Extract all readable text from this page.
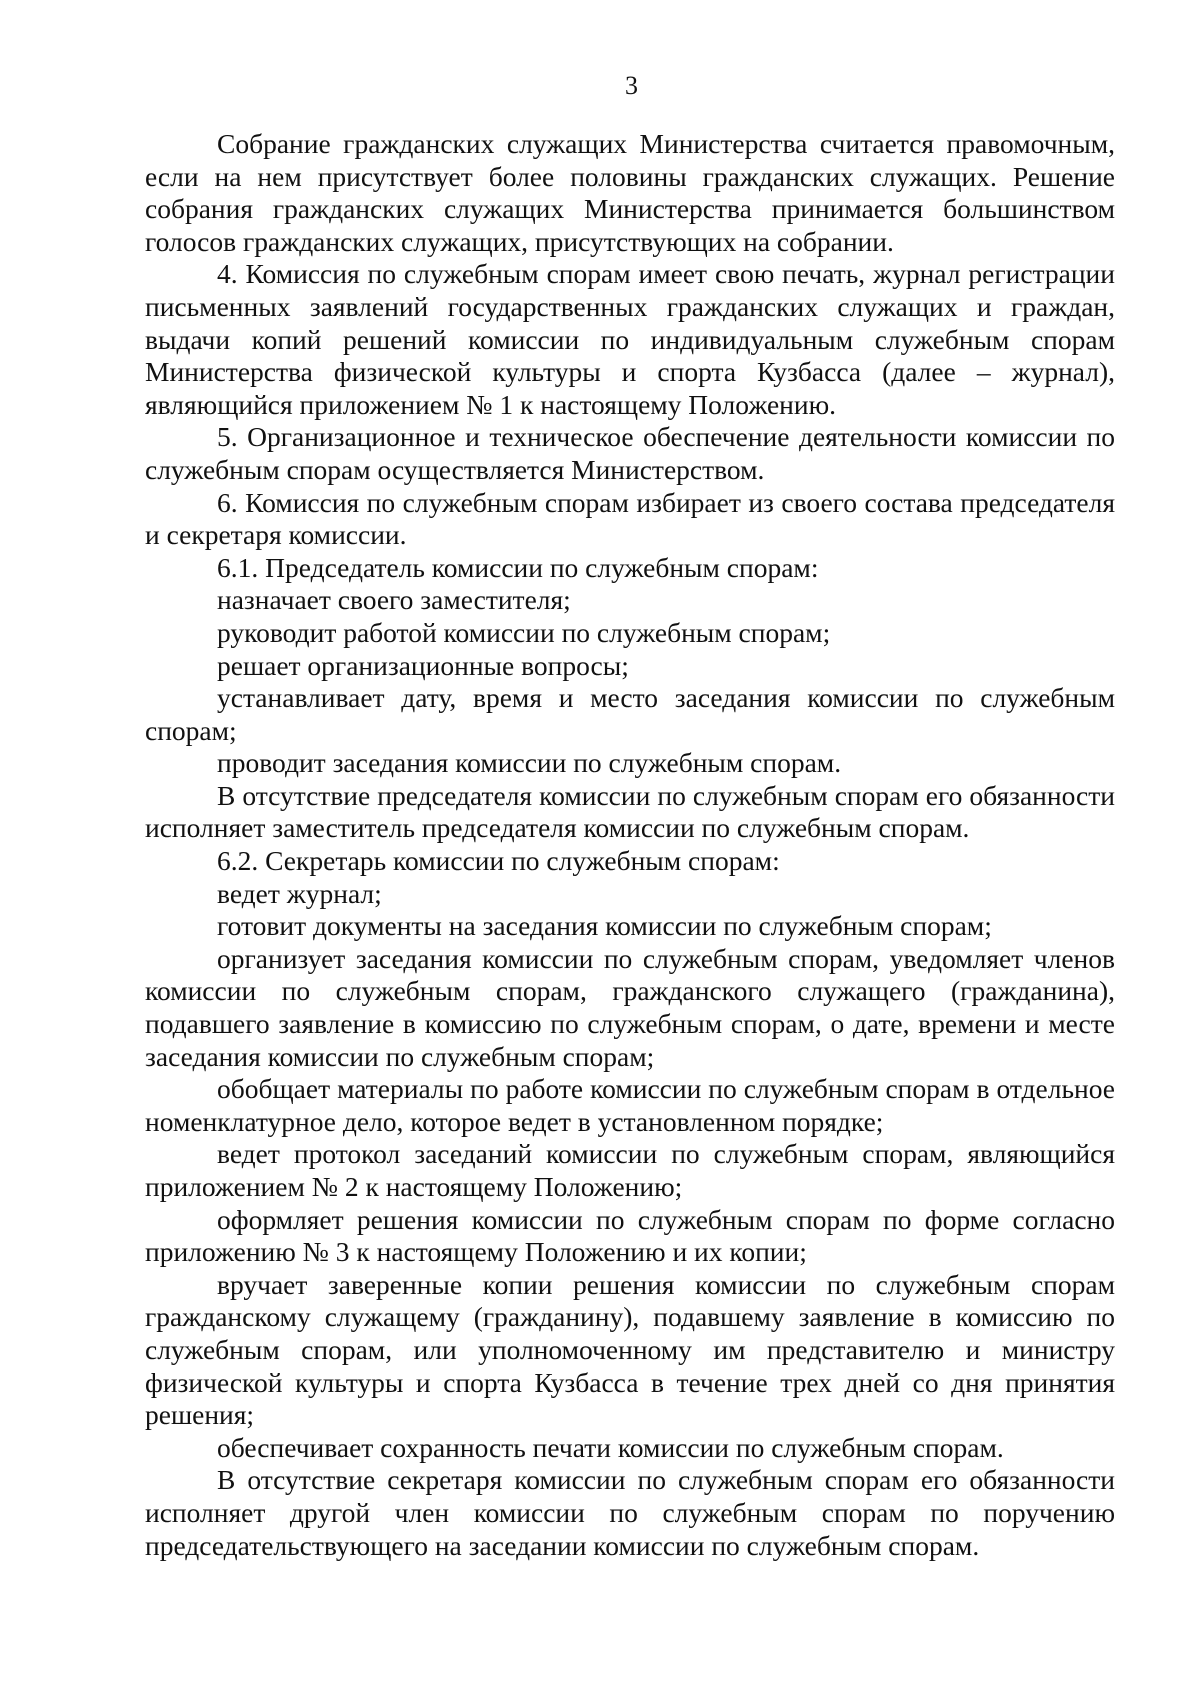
3

Собрание гражданских служащих Министерства считается правомочным, если на нем присутствует более половины гражданских служащих. Решение собрания гражданских служащих Министерства принимается большинством голосов гражданских служащих, присутствующих на собрании.

4. Комиссия по служебным спорам имеет свою печать, журнал регистрации письменных заявлений государственных гражданских служащих и граждан, выдачи копий решений комиссии по индивидуальным служебным спорам Министерства физической культуры и спорта Кузбасса (далее – журнал), являющийся приложением № 1 к настоящему Положению.

5. Организационное и техническое обеспечение деятельности комиссии по служебным спорам осуществляется Министерством.

6. Комиссия по служебным спорам избирает из своего состава председателя и секретаря комиссии.

6.1. Председатель комиссии по служебным спорам:

назначает своего заместителя;

руководит работой комиссии по служебным спорам;

решает организационные вопросы;

устанавливает дату, время и место заседания комиссии по служебным спорам;

проводит заседания комиссии по служебным спорам.

В отсутствие председателя комиссии по служебным спорам его обязанности исполняет заместитель председателя комиссии по служебным спорам.

6.2. Секретарь комиссии по служебным спорам:

ведет журнал;

готовит документы на заседания комиссии по служебным спорам;

организует заседания комиссии по служебным спорам, уведомляет членов комиссии по служебным спорам, гражданского служащего (гражданина), подавшего заявление в комиссию по служебным спорам, о дате, времени и месте заседания комиссии по служебным спорам;

обобщает материалы по работе комиссии по служебным спорам в отдельное номенклатурное дело, которое ведет в установленном порядке;

ведет протокол заседаний комиссии по служебным спорам, являющийся приложением № 2 к настоящему Положению;

оформляет решения комиссии по служебным спорам по форме согласно приложению № 3 к настоящему Положению и их копии;

вручает заверенные копии решения комиссии по служебным спорам гражданскому служащему (гражданину), подавшему заявление в комиссию по служебным спорам, или уполномоченному им представителю и министру физической культуры и спорта Кузбасса в течение трех дней со дня принятия решения;

обеспечивает сохранность печати комиссии по служебным спорам.

В отсутствие секретаря комиссии по служебным спорам его обязанности исполняет другой член комиссии по служебным спорам по поручению председательствующего на заседании комиссии по служебным спорам.
